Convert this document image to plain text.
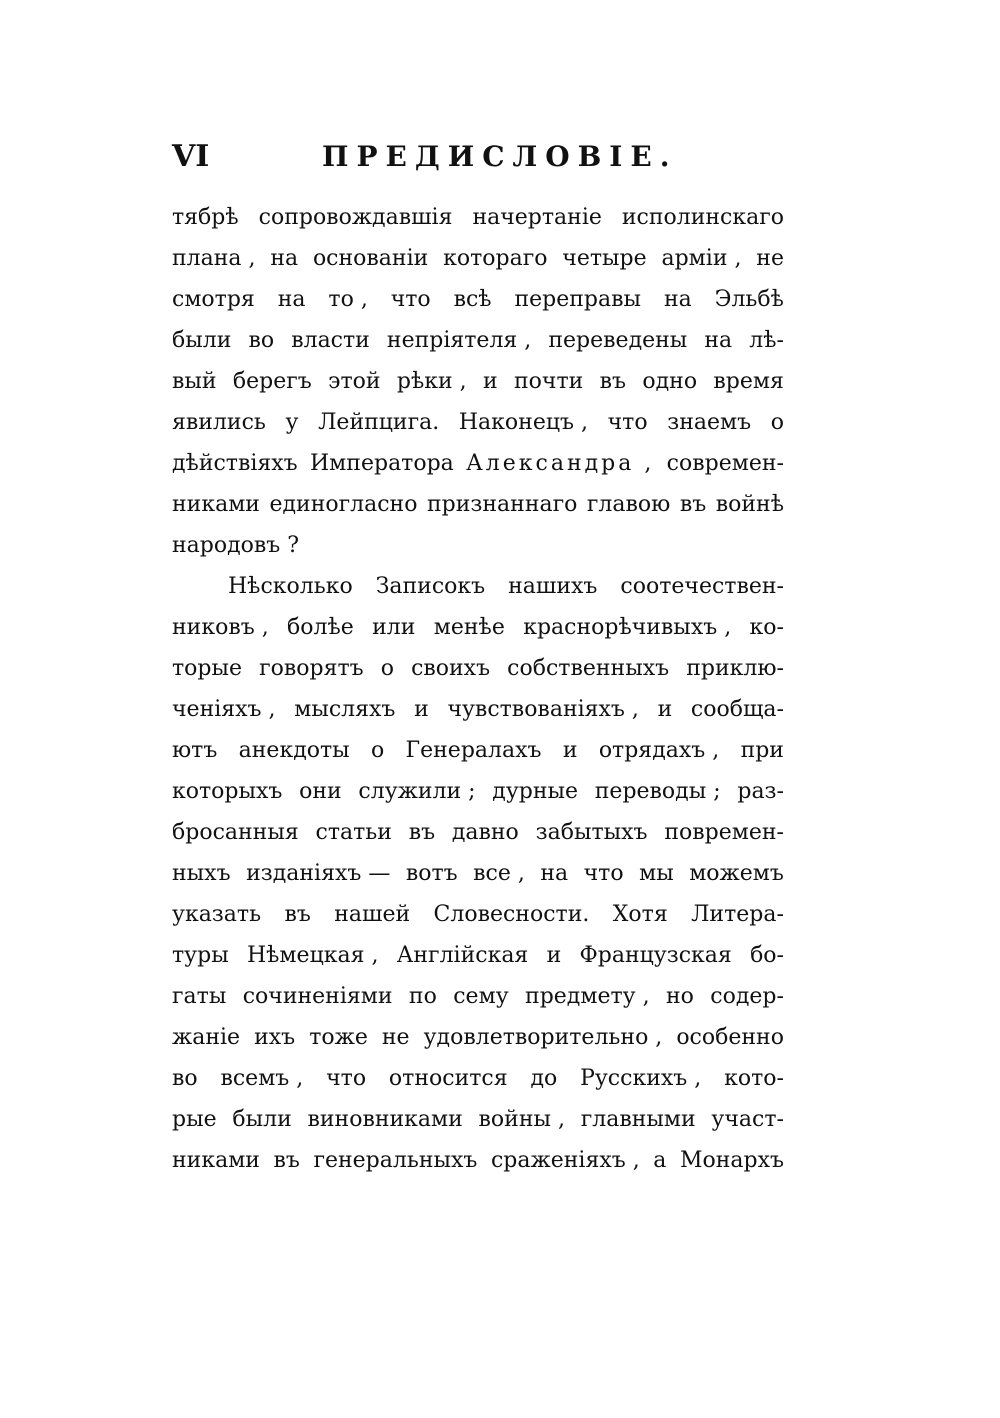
VI	ПРЕДИСЛОВІЕ.
тябрѣ сопровождавшія начертаніе исполинскаго
плана , на основаніи котораго четыре арміи , не
смотря на то , что всѣ переправы на Эльбѣ
были во власти непріятеля , переведены на лѣ-
вый берегъ этой рѣки , и почти въ одно время
явились у Лейпцига. Наконецъ , что знаемъ о
дѣйствіяхъ Императора Александра , современ-
никами единогласно признаннаго главою въ войнѣ
народовъ ?
Нѣсколько Записокъ нашихъ соотечествен-
никовъ , болѣе или менѣе краснорѣчивыхъ , ко-
торые говорятъ о своихъ собственныхъ приклю-
ченіяхъ , мысляхъ и чувствованіяхъ , и сообща-
ютъ анекдоты о Генералахъ и отрядахъ , при
которыхъ они служили ; дурные переводы ; раз-
бросанныя статьи въ давно забытыхъ повремен-
ныхъ изданіяхъ — вотъ все , на что мы можемъ
указать въ нашей Словесности. Хотя Литера-
туры Нѣмецкая , Англійская и Французская бо-
гаты сочиненіями по сему предмету , но содер-
жаніе ихъ тоже не удовлетворительно , особенно
во всемъ , что относится до Русскихъ , кото-
рые были виновниками войны , главными участ-
никами въ генеральныхъ сраженіяхъ , а Монархъ
